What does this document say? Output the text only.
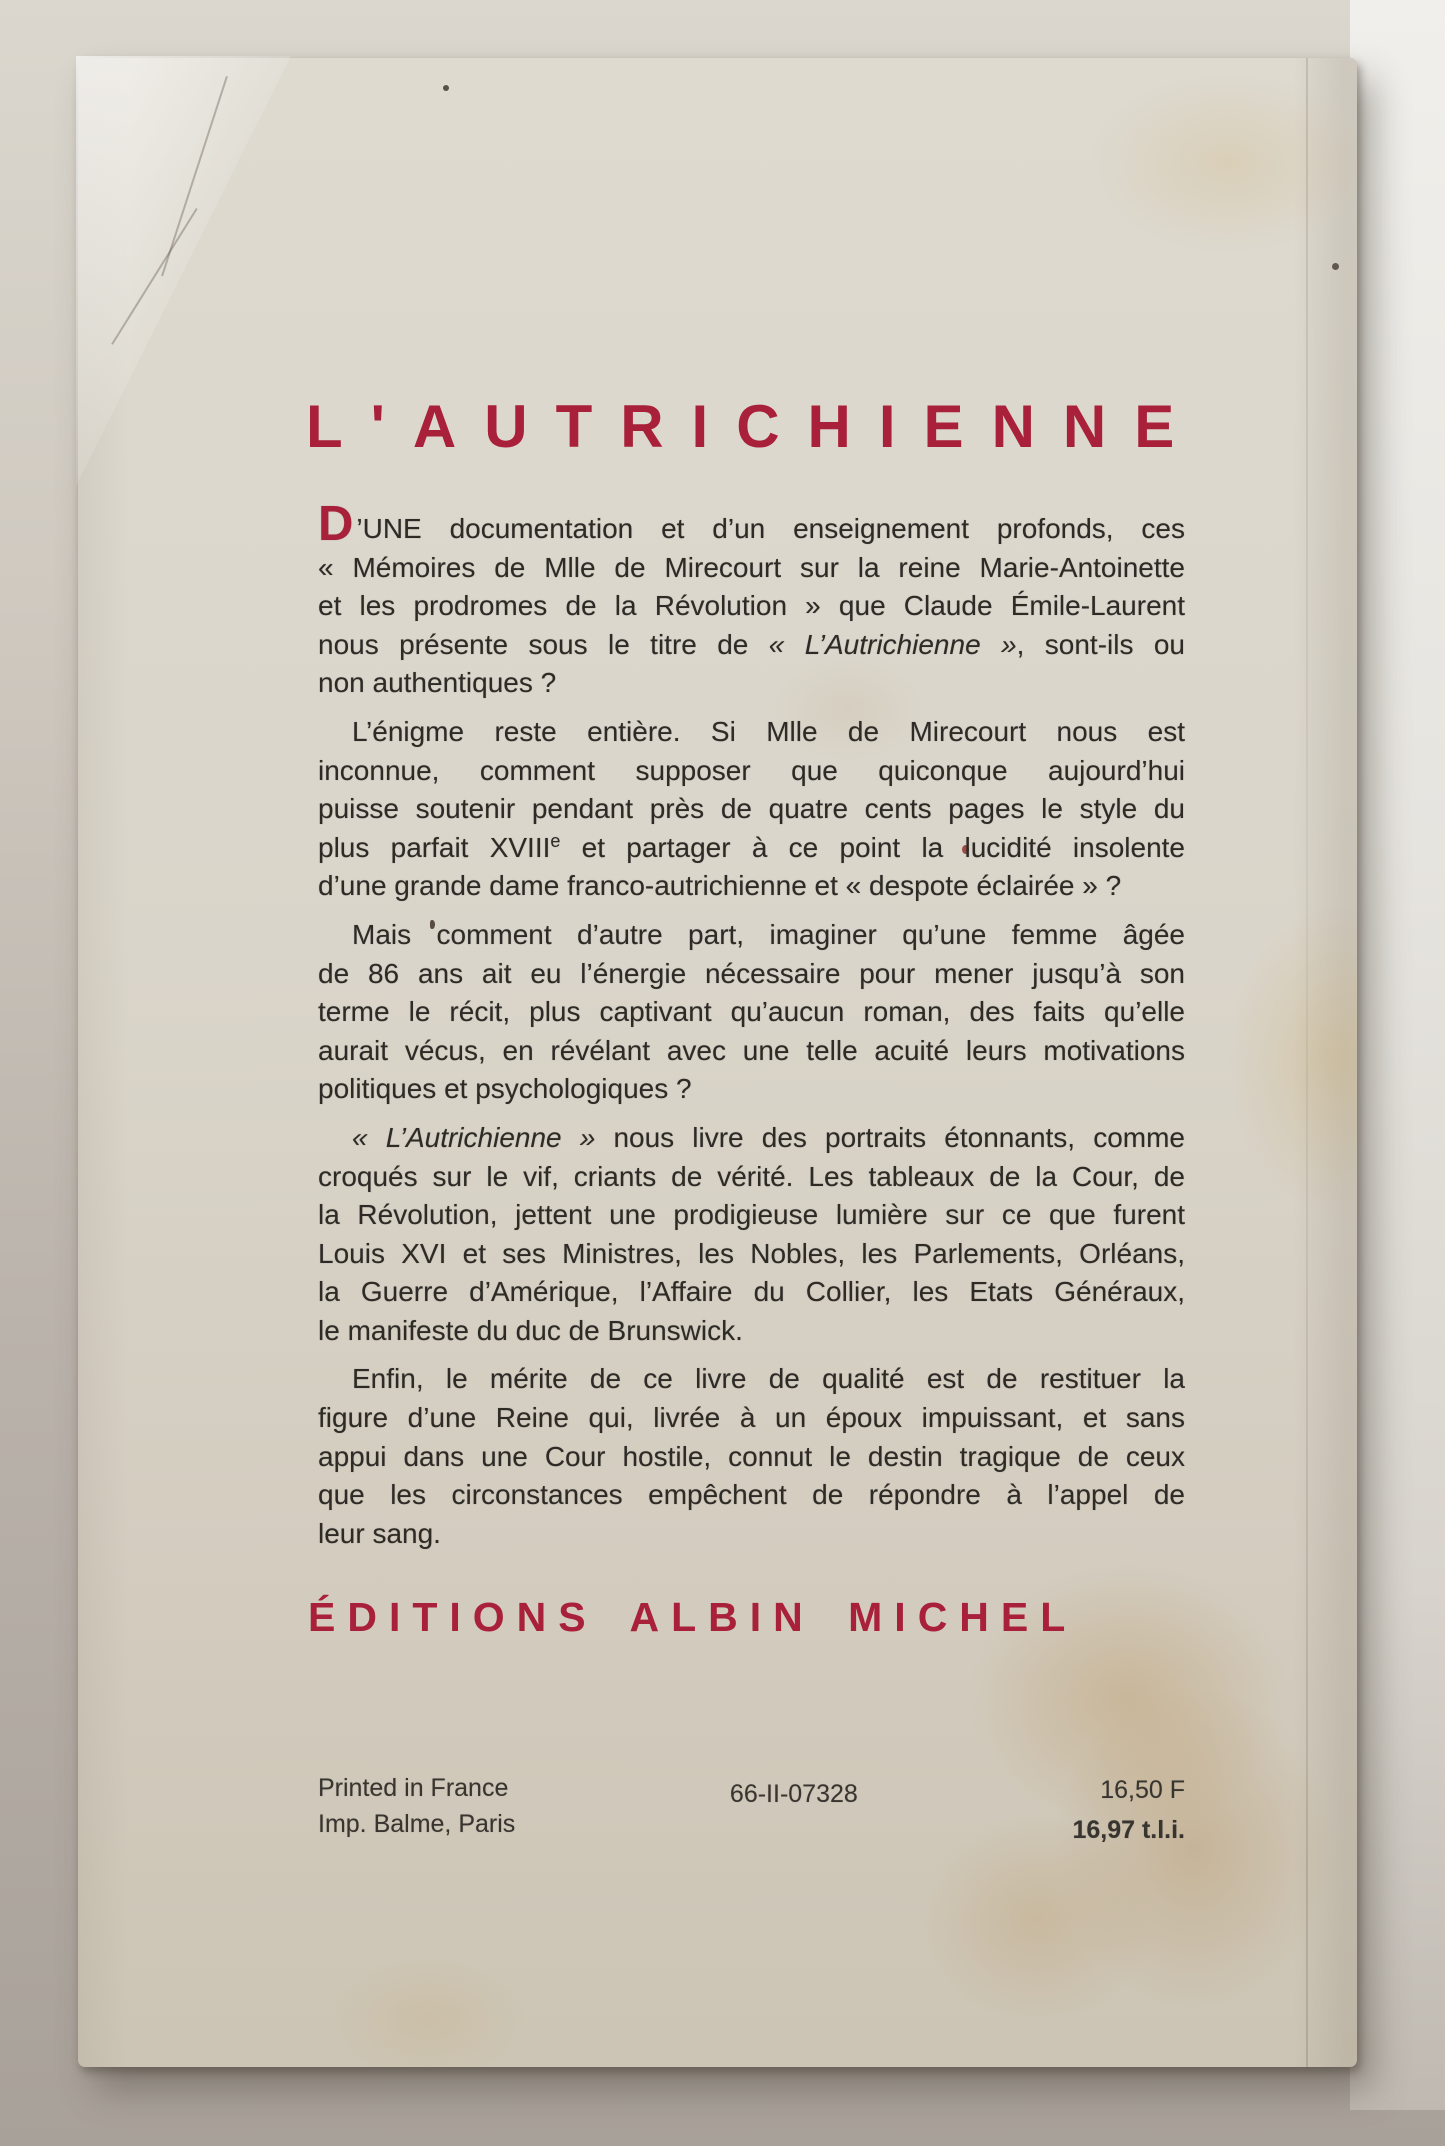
L'AUTRICHIENNE
D ’UNE documentation et d’un enseignement profonds, ces
« Mémoires de Mlle de Mirecourt sur la reine Marie-Antoinette
et les prodromes de la Révolution » que Claude Émile-Laurent
nous présente sous le titre de « L’Autrichienne », sont-ils ou
non authentiques ?
L’énigme reste entière. Si Mlle de Mirecourt nous est
inconnue, comment supposer que quiconque aujourd’hui
puisse soutenir pendant près de quatre cents pages le style du
plus parfait XVIIIe et partager à ce point la lucidité insolente
d’une grande dame franco-autrichienne et « despote éclairée » ?
Mais comment d’autre part, imaginer qu’une femme âgée
de 86 ans ait eu l’énergie nécessaire pour mener jusqu’à son
terme le récit, plus captivant qu’aucun roman, des faits qu’elle
aurait vécus, en révélant avec une telle acuité leurs motivations
politiques et psychologiques ?
« L’Autrichienne » nous livre des portraits étonnants, comme
croqués sur le vif, criants de vérité. Les tableaux de la Cour, de
la Révolution, jettent une prodigieuse lumière sur ce que furent
Louis XVI et ses Ministres, les Nobles, les Parlements, Orléans,
la Guerre d’Amérique, l’Affaire du Collier, les Etats Généraux,
le manifeste du duc de Brunswick.
Enfin, le mérite de ce livre de qualité est de restituer la
figure d’une Reine qui, livrée à un époux impuissant, et sans
appui dans une Cour hostile, connut le destin tragique de ceux
que les circonstances empêchent de répondre à l’appel de
leur sang.
ÉDITIONS ALBIN MICHEL
Printed in France
Imp. Balme, Paris
66-II-07328	16,50 F
16,97 t.l.i.
